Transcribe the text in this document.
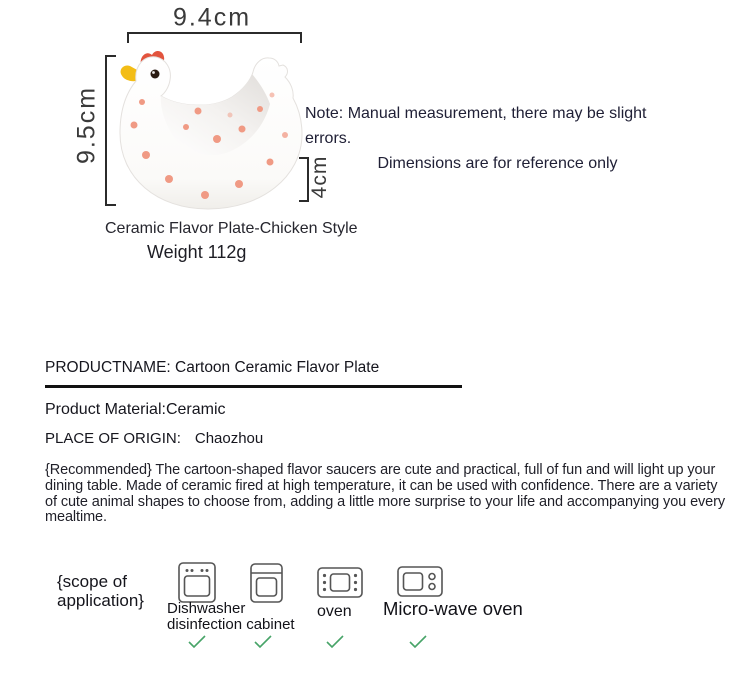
9.4cm
9.5cm
4cm
Note: Manual measurement, there may be slight errors.
Dimensions are for reference only
Ceramic Flavor Plate-Chicken Style
Weight 112g
PRODUCTNAME: Cartoon Ceramic Flavor Plate
Product Material:Ceramic
PLACE OF ORIGIN: Chaozhou
{Recommended} The cartoon-shaped flavor saucers are cute and practical, full of fun and will light up your dining table. Made of ceramic fired at high temperature, it can be used with confidence. There are a variety of cute animal shapes to choose from, adding a little more surprise to your life and accompanying you every mealtime.
{scope of
application} Dishwasher
disinfection cabinet
oven Micro-wave oven
